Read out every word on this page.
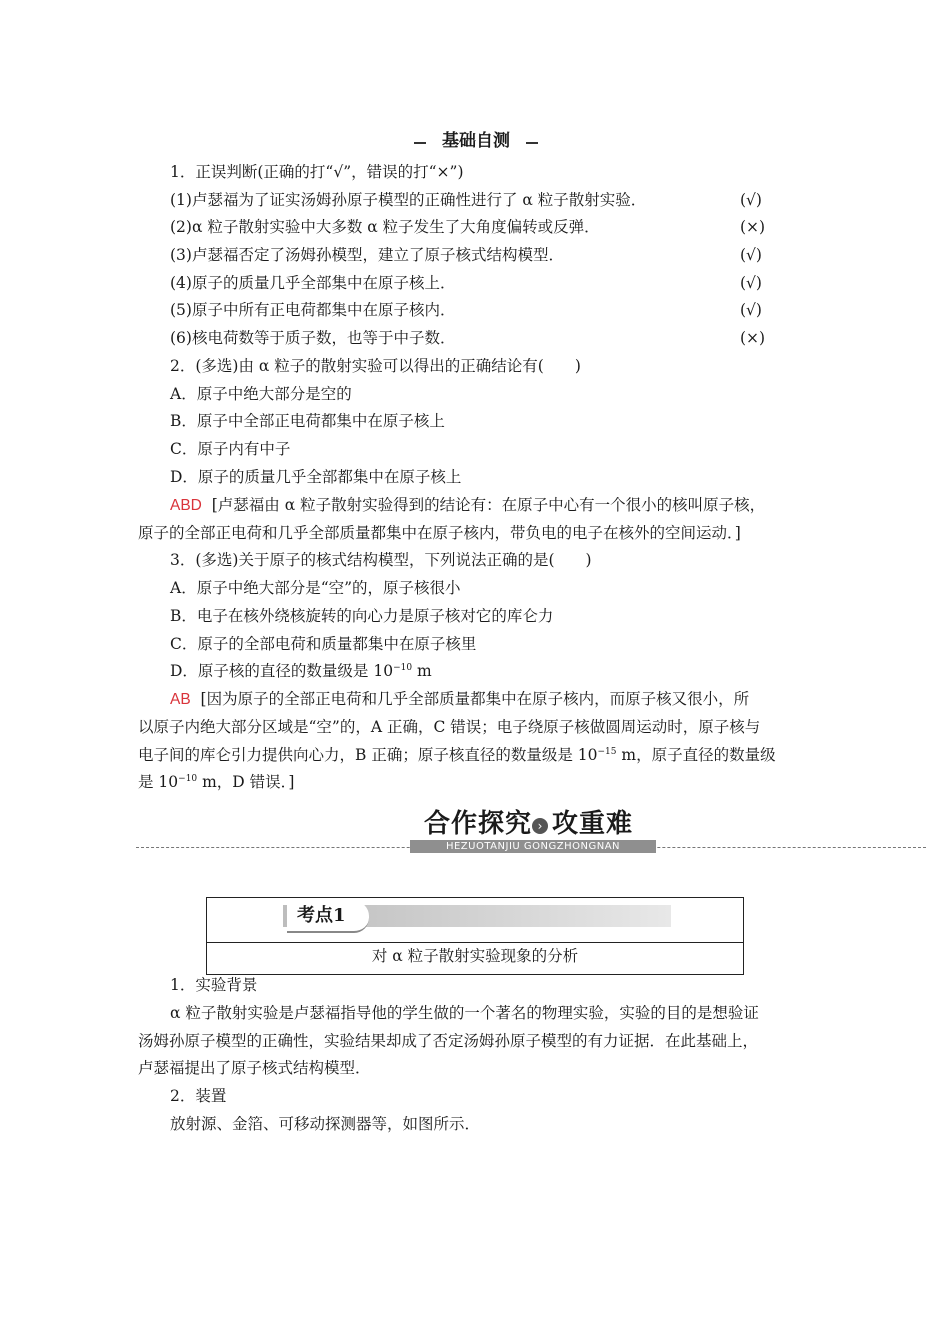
基础自测
1．正误判断(正确的打“√”，错误的打“×”)
(1)卢瑟福为了证实汤姆孙原子模型的正确性进行了 α 粒子散射实验．	(√)
(2)α 粒子散射实验中大多数 α 粒子发生了大角度偏转或反弹．	(×)
(3)卢瑟福否定了汤姆孙模型，建立了原子核式结构模型．	(√)
(4)原子的质量几乎全部集中在原子核上．	(√)
(5)原子中所有正电荷都集中在原子核内．	(√)
(6)核电荷数等于质子数，也等于中子数．	(×)
2．(多选)由 α 粒子的散射实验可以得出的正确结论有(　　)
A．原子中绝大部分是空的
B．原子中全部正电荷都集中在原子核上
C．原子内有中子
D．原子的质量几乎全部都集中在原子核上
ABD [卢瑟福由 α 粒子散射实验得到的结论有：在原子中心有一个很小的核叫原子核，
原子的全部正电荷和几乎全部质量都集中在原子核内，带负电的电子在核外的空间运动．]
3．(多选)关于原子的核式结构模型，下列说法正确的是(　　)
A．原子中绝大部分是“空”的，原子核很小
B．电子在核外绕核旋转的向心力是原子核对它的库仑力
C．原子的全部电荷和质量都集中在原子核里
D．原子核的直径的数量级是 $10^{-10}$ m
AB [因为原子的全部正电荷和几乎全部质量都集中在原子核内，而原子核又很小，所
以原子内绝大部分区域是“空”的，A 正确，C 错误；电子绕原子核做圆周运动时，原子核与
电子间的库仑引力提供向心力，B 正确；原子核直径的数量级是 $10^{-15}$ m，原子直径的数量级
是 $10^{-10}$ m，D 错误．]
合作探究 › 攻重难
HEZUOTANJIU GONGZHONGNAN
考点1
对 α 粒子散射实验现象的分析
1．实验背景
α 粒子散射实验是卢瑟福指导他的学生做的一个著名的物理实验，实验的目的是想验证
汤姆孙原子模型的正确性，实验结果却成了否定汤姆孙原子模型的有力证据．在此基础上，
卢瑟福提出了原子核式结构模型．
2．装置
放射源、金箔、可移动探测器等，如图所示．
